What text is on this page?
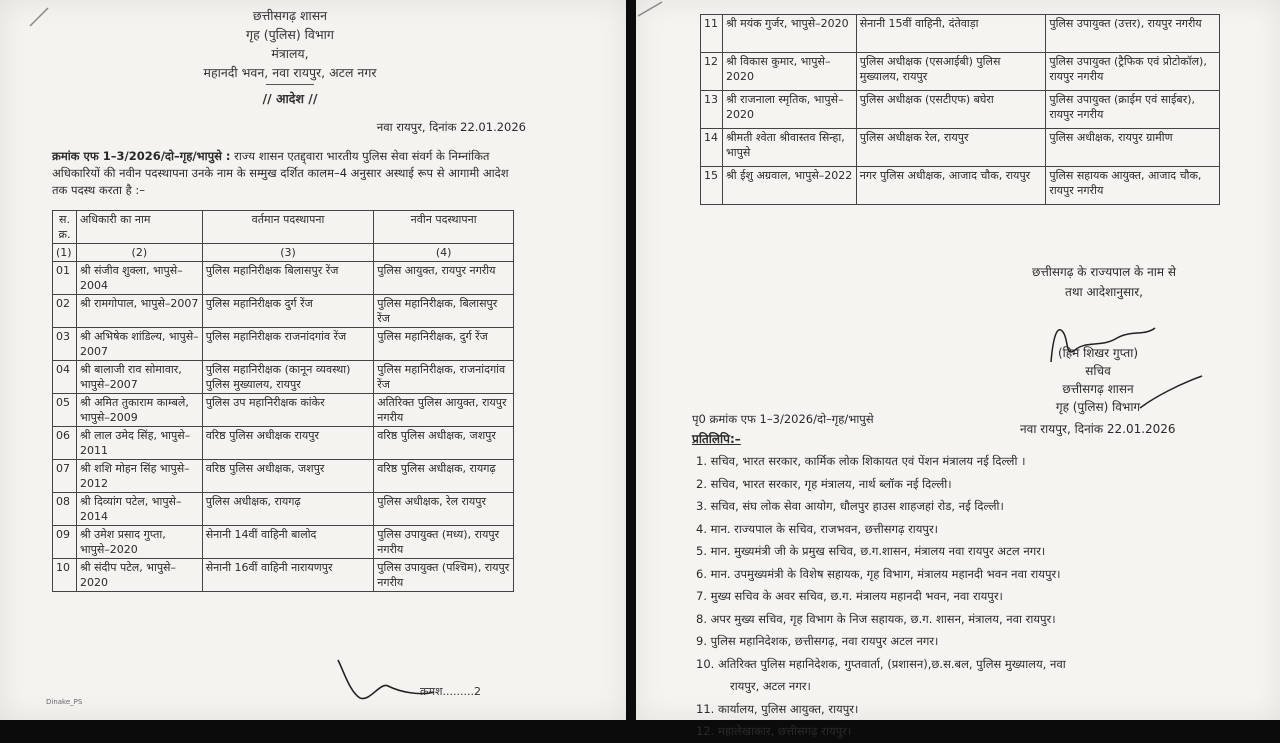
छत्तीसगढ़ शासन
गृह (पुलिस) विभाग
मंत्रालय,
महानदी भवन, नवा रायपुर, अटल नगर
// आदेश //
नवा रायपुर, दिनांक 22.01.2026
क्रमांक एफ 1–3/2026/दो–गृह/भापुसे : राज्य शासन एतद्द्वारा भारतीय पुलिस सेवा संवर्ग के निम्नांकित अधिकारियों की नवीन पदस्थापना उनके नाम के सम्मुख दर्शित कालम–4 अनुसार अस्थाई रूप से आगामी आदेश तक पदस्थ करता है :–
स. क्र.	अधिकारी का नाम	वर्तमान पदस्थापना	नवीन पदस्थापना
(1)	(2)	(3)	(4)
01	श्री संजीव शुक्ला, भापुसे–2004	पुलिस महानिरीक्षक बिलासपुर रेंज	पुलिस आयुक्त, रायपुर नगरीय
02	श्री रामगोपाल, भापुसे–2007	पुलिस महानिरीक्षक दुर्ग रेंज	पुलिस महानिरीक्षक, बिलासपुर रेंज
03	श्री अभिषेक शांडिल्य, भापुसे–2007	पुलिस महानिरीक्षक राजनांदगांव रेंज	पुलिस महानिरीक्षक, दुर्ग रेंज
04	श्री बालाजी राव सोमावार, भापुसे–2007	पुलिस महानिरीक्षक (कानून व्यवस्था) पुलिस मुख्यालय, रायपुर	पुलिस महानिरीक्षक, राजनांदगांव रेंज
05	श्री अमित तुकाराम काम्बले, भापुसे–2009	पुलिस उप महानिरीक्षक कांकेर	अतिरिक्त पुलिस आयुक्त, रायपुर नगरीय
06	श्री लाल उमेद सिंह, भापुसे–2011	वरिष्ठ पुलिस अधीक्षक रायपुर	वरिष्ठ पुलिस अधीक्षक, जशपुर
07	श्री शशि मोहन सिंह भापुसे– 2012	वरिष्ठ पुलिस अधीक्षक, जशपुर	वरिष्ठ पुलिस अधीक्षक, रायगढ़
08	श्री दिव्यांग पटेल, भापुसे–2014	पुलिस अधीक्षक, रायगढ़	पुलिस अधीक्षक, रेल रायपुर
09	श्री उमेश प्रसाद गुप्ता, भापुसे–2020	सेनानी 14वीं वाहिनी बालोद	पुलिस उपायुक्त (मध्य), रायपुर नगरीय
10	श्री संदीप पटेल, भापुसे–2020	सेनानी 16वीं वाहिनी नारायणपुर	पुलिस उपायुक्त (पश्चिम), रायपुर नगरीय
क्रमश.........2
Dinake_PS
11	श्री मयंक गुर्जर, भापुसे–2020	सेनानी 15वीं वाहिनी, दंतेवाड़ा	पुलिस उपायुक्त (उत्तर), रायपुर नगरीय
12	श्री विकास कुमार, भापुसे–2020	पुलिस अधीक्षक (एसआईबी) पुलिस मुख्यालय, रायपुर	पुलिस उपायुक्त (ट्रैफिक एवं प्रोटोकॉल), रायपुर नगरीय
13	श्री राजनाला स्मृतिक, भापुसे–2020	पुलिस अधीक्षक (एसटीएफ) बघेरा	पुलिस उपायुक्त (क्राईम एवं साईबर), रायपुर नगरीय
14	श्रीमती श्वेता श्रीवास्तव सिन्हा, भापुसे	पुलिस अधीक्षक रेल, रायपुर	पुलिस अधीक्षक, रायपुर ग्रामीण
15	श्री ईशु अग्रवाल, भापुसे–2022	नगर पुलिस अधीक्षक, आजाद चौक, रायपुर	पुलिस सहायक आयुक्त, आजाद चौक, रायपुर नगरीय
छत्तीसगढ़ के राज्यपाल के नाम से
तथा आदेशानुसार,
(हिम शिखर गुप्ता)
सचिव
छत्तीसगढ़ शासन
गृह (पुलिस) विभाग
नवा रायपुर, दिनांक 22.01.2026
पृ0 क्रमांक एफ 1–3/2026/दो–गृह/भापुसे
प्रतिलिपि:–
1. सचिव, भारत सरकार, कार्मिक लोक शिकायत एवं पेंशन मंत्रालय नई दिल्ली ।
2. सचिव, भारत सरकार, गृह मंत्रालय, नार्थ ब्लॉक नई दिल्ली।
3. सचिव, संघ लोक सेवा आयोग, धौलपुर हाउस शाहजहां रोड, नई दिल्ली।
4. मान. राज्यपाल के सचिव, राजभवन, छत्तीसगढ़ रायपुर।
5. मान. मुख्यमंत्री जी के प्रमुख सचिव, छ.ग.शासन, मंत्रालय नवा रायपुर अटल नगर।
6. मान. उपमुख्यमंत्री के विशेष सहायक, गृह विभाग, मंत्रालय महानदी भवन नवा रायपुर।
7. मुख्य सचिव के अवर सचिव, छ.ग. मंत्रालय महानदी भवन, नवा रायपुर।
8. अपर मुख्य सचिव, गृह विभाग के निज सहायक, छ.ग. शासन, मंत्रालय, नवा रायपुर।
9. पुलिस महानिदेशक, छत्तीसगढ़, नवा रायपुर अटल नगर।
10. अतिरिक्त पुलिस महानिदेशक, गुप्तवार्ता, (प्रशासन),छ.स.बल, पुलिस मुख्यालय, नवा
रायपुर, अटल नगर।
11. कार्यालय, पुलिस आयुक्त, रायपुर।
12. महालेखाकार, छत्तीसगढ़ रायपुर।
